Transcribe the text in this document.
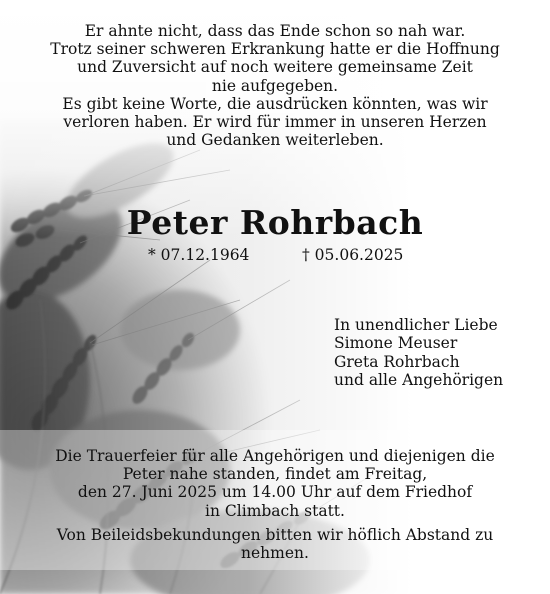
Er ahnte nicht, dass das Ende schon so nah war.
Trotz seiner schweren Erkrankung hatte er die Hoffnung
und Zuversicht auf noch weitere gemeinsame Zeit
nie aufgegeben.
Es gibt keine Worte, die ausdrücken könnten, was wir
verloren haben. Er wird für immer in unseren Herzen
und Gedanken weiterleben.
Peter Rohrbach
* 07.12.1964	† 05.06.2025
In unendlicher Liebe
Simone Meuser
Greta Rohrbach
und alle Angehörigen
Die Trauerfeier für alle Angehörigen und diejenigen die
Peter nahe standen, findet am Freitag,
den 27. Juni 2025 um 14.00 Uhr auf dem Friedhof
in Climbach statt.
Von Beileidsbekundungen bitten wir höflich Abstand zu
nehmen.
